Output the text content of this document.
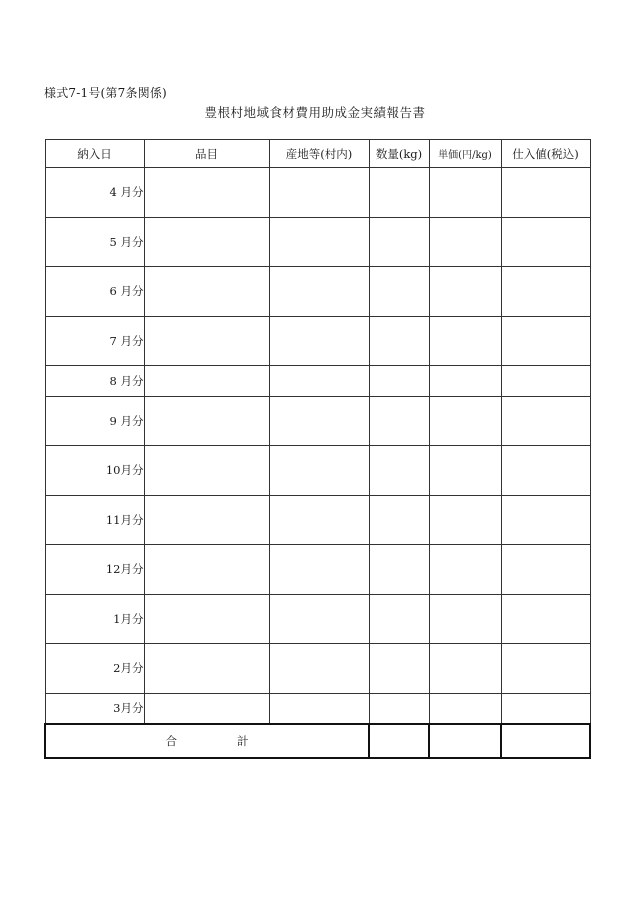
様式7-1号(第7条関係)
豊根村地域食材費用助成金実績報告書
納入日	品目	産地等(村内)	数量(kg)	単価(円/kg)	仕入値(税込)
4 月分					
5 月分					
6 月分					
7 月分					
8 月分					
9 月分					
10月分					
11月分					
12月分					
1月分					
2月分					
3月分					
合 計					
